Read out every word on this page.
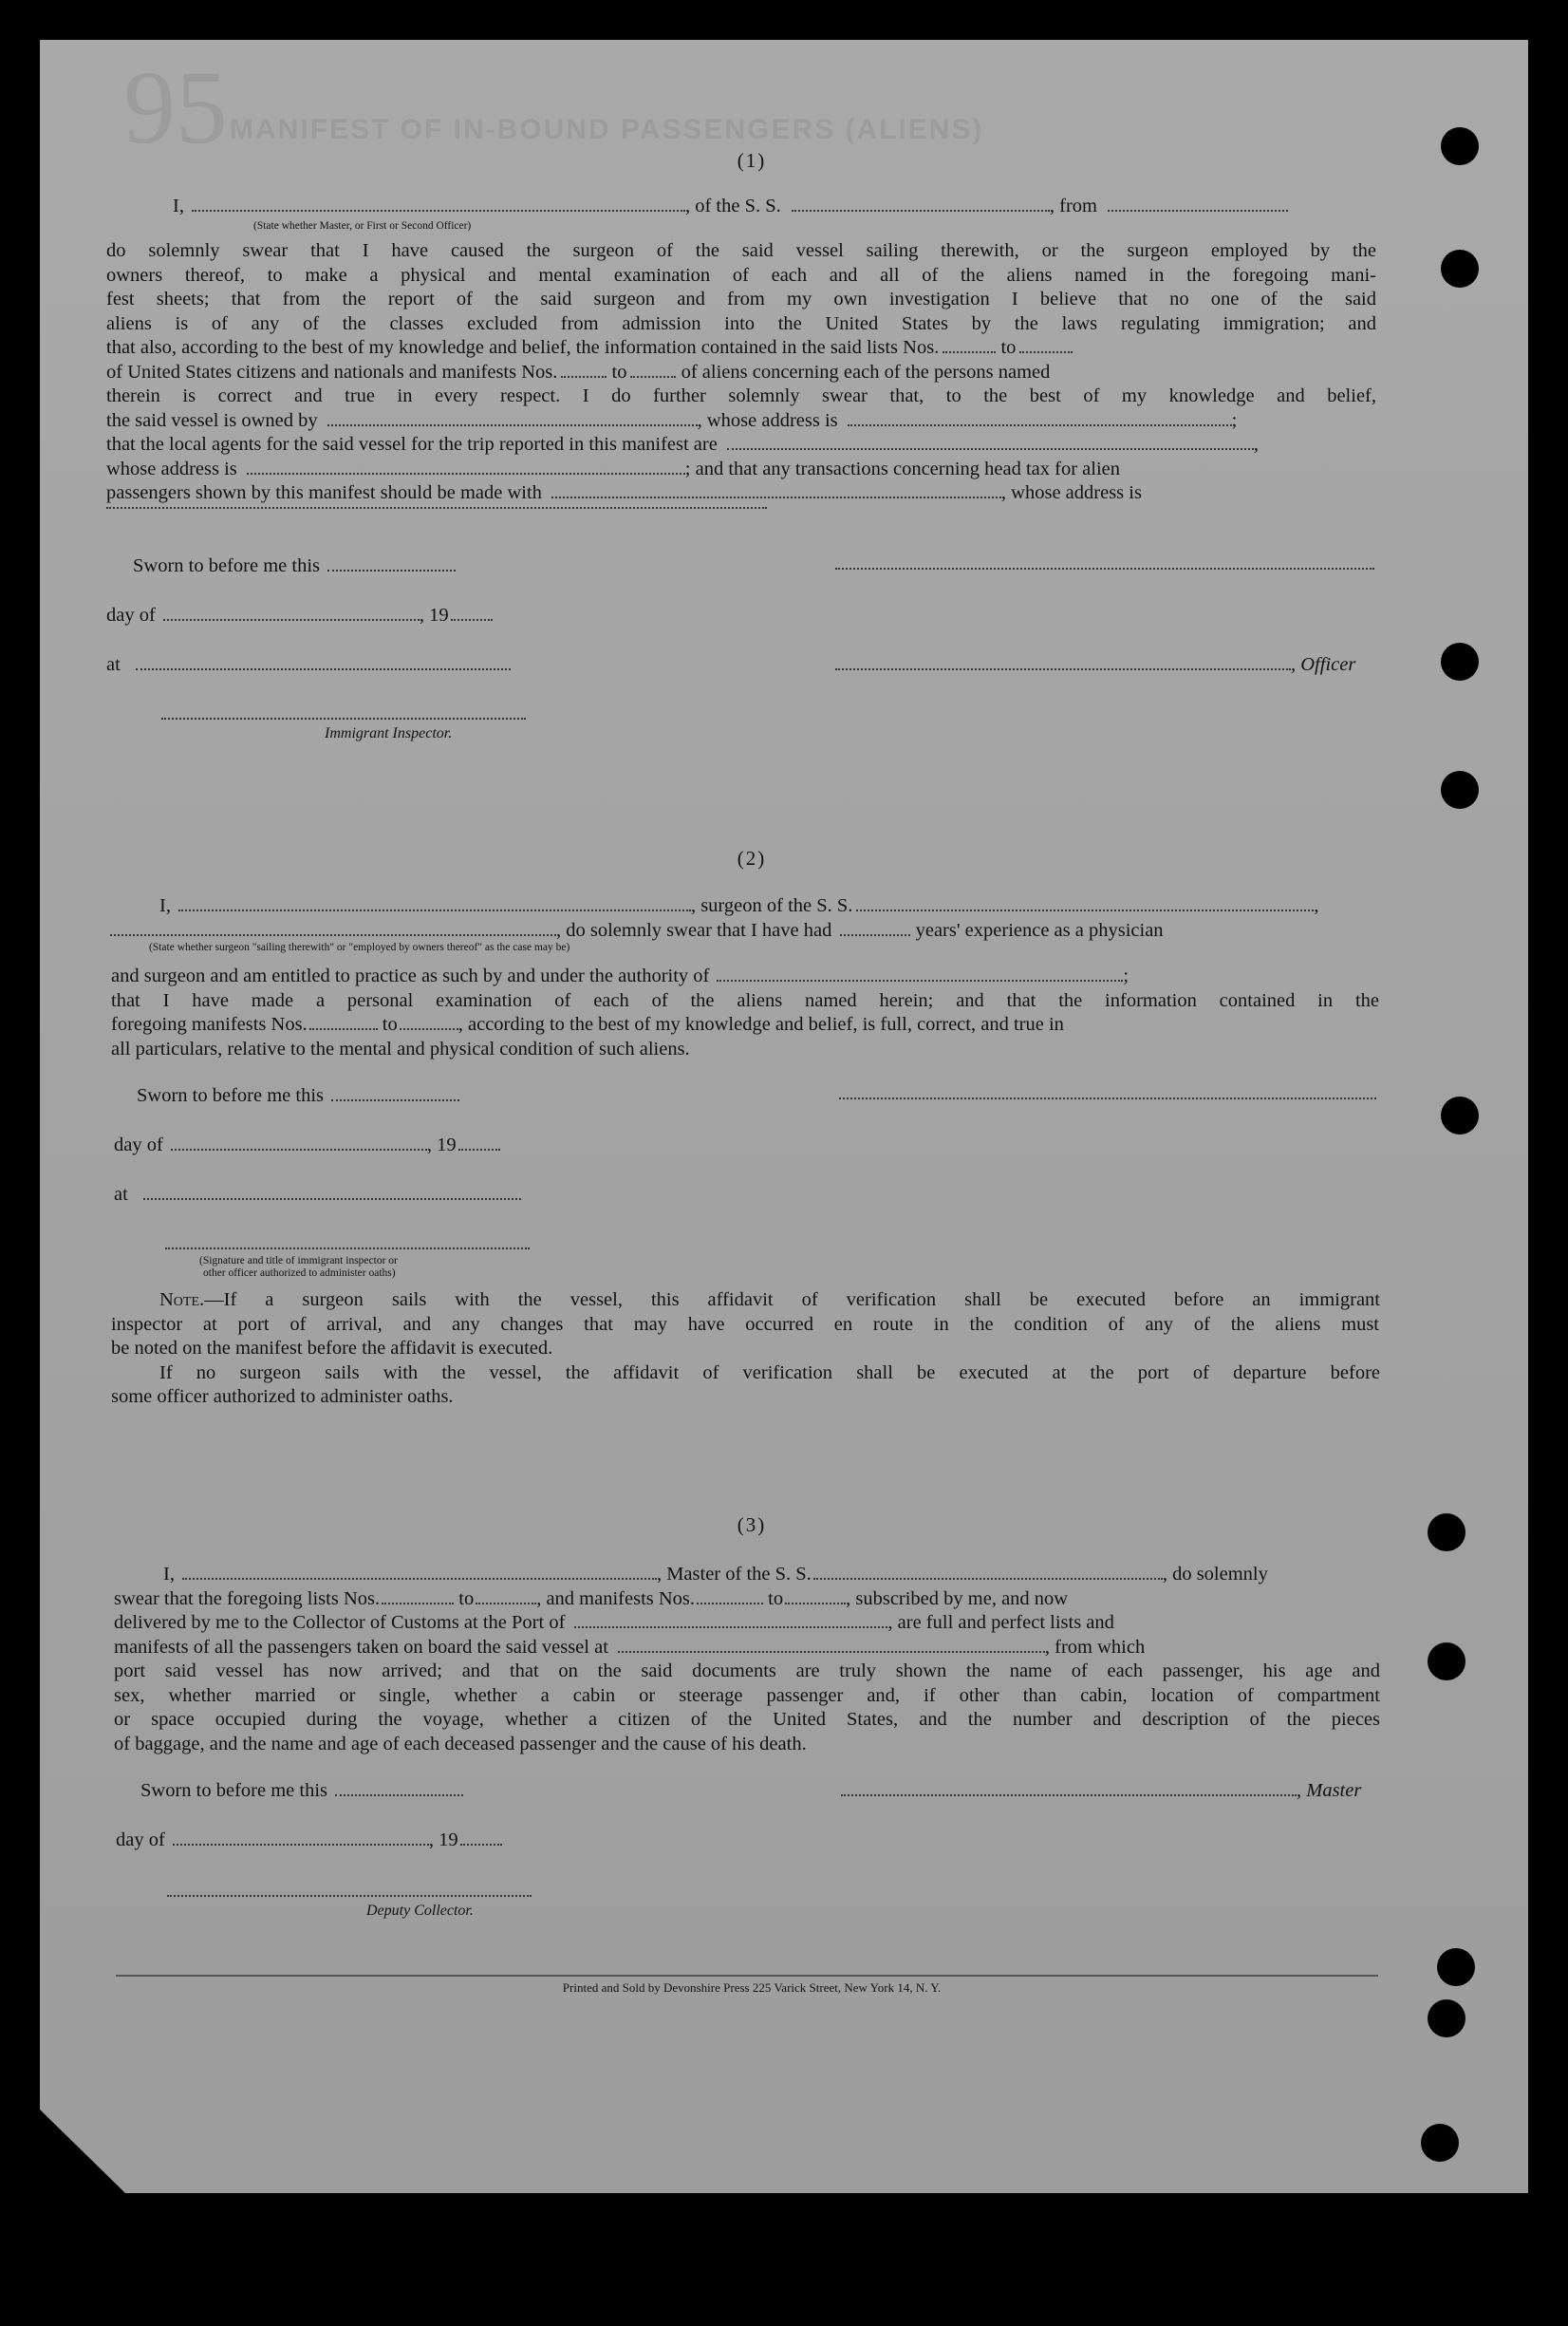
95 MANIFEST OF IN-BOUND PASSENGERS (ALIENS)
(1)
I,	, of the S. S.	, from
(State whether Master, or First or Second Officer)
do solemnly swear that I have caused the surgeon of the said vessel sailing therewith, or the surgeon employed by the
owners thereof, to make a physical and mental examination of each and all of the aliens named in the foregoing mani-
fest sheets; that from the report of the said surgeon and from my own investigation I believe that no one of the said
aliens is of any of the classes excluded from admission into the United States by the laws regulating immigration; and
that also, according to the best of my knowledge and belief, the information contained in the said lists Nos.	to
of United States citizens and nationals and manifests Nos.	to	of aliens concerning each of the persons named
therein is correct and true in every respect. I do further solemnly swear that, to the best of my knowledge and belief,
the said vessel is owned by	, whose address is	;
that the local agents for the said vessel for the trip reported in this manifest are	,
whose address is	; and that any transactions concerning head tax for alien
passengers shown by this manifest should be made with	, whose address is
Sworn to before me this
day of	, 19
at	, Officer
Immigrant Inspector.
(2)
I,	, surgeon of the S. S.	,
, do solemnly swear that I have had	years' experience as a physician
(State whether surgeon "sailing therewith" or "employed by owners thereof" as the case may be)
and surgeon and am entitled to practice as such by and under the authority of	;
that I have made a personal examination of each of the aliens named herein; and that the information contained in the
foregoing manifests Nos.	to	, according to the best of my knowledge and belief, is full, correct, and true in
all particulars, relative to the mental and physical condition of such aliens.
Sworn to before me this
day of	, 19
at
(Signature and title of immigrant inspector or
other officer authorized to administer oaths)
Note.—If a surgeon sails with the vessel, this affidavit of verification shall be executed before an immigrant
inspector at port of arrival, and any changes that may have occurred en route in the condition of any of the aliens must
be noted on the manifest before the affidavit is executed.
If no surgeon sails with the vessel, the affidavit of verification shall be executed at the port of departure before
some officer authorized to administer oaths.
(3)
I,	, Master of the S. S.	, do solemnly
swear that the foregoing lists Nos.	to	, and manifests Nos.	to	, subscribed by me, and now
delivered by me to the Collector of Customs at the Port of	, are full and perfect lists and
manifests of all the passengers taken on board the said vessel at	, from which
port said vessel has now arrived; and that on the said documents are truly shown the name of each passenger, his age and
sex, whether married or single, whether a cabin or steerage passenger and, if other than cabin, location of compartment
or space occupied during the voyage, whether a citizen of the United States, and the number and description of the pieces
of baggage, and the name and age of each deceased passenger and the cause of his death.
Sworn to before me this	, Master
day of	, 19
Deputy Collector.
Printed and Sold by Devonshire Press 225 Varick Street, New York 14, N. Y.
